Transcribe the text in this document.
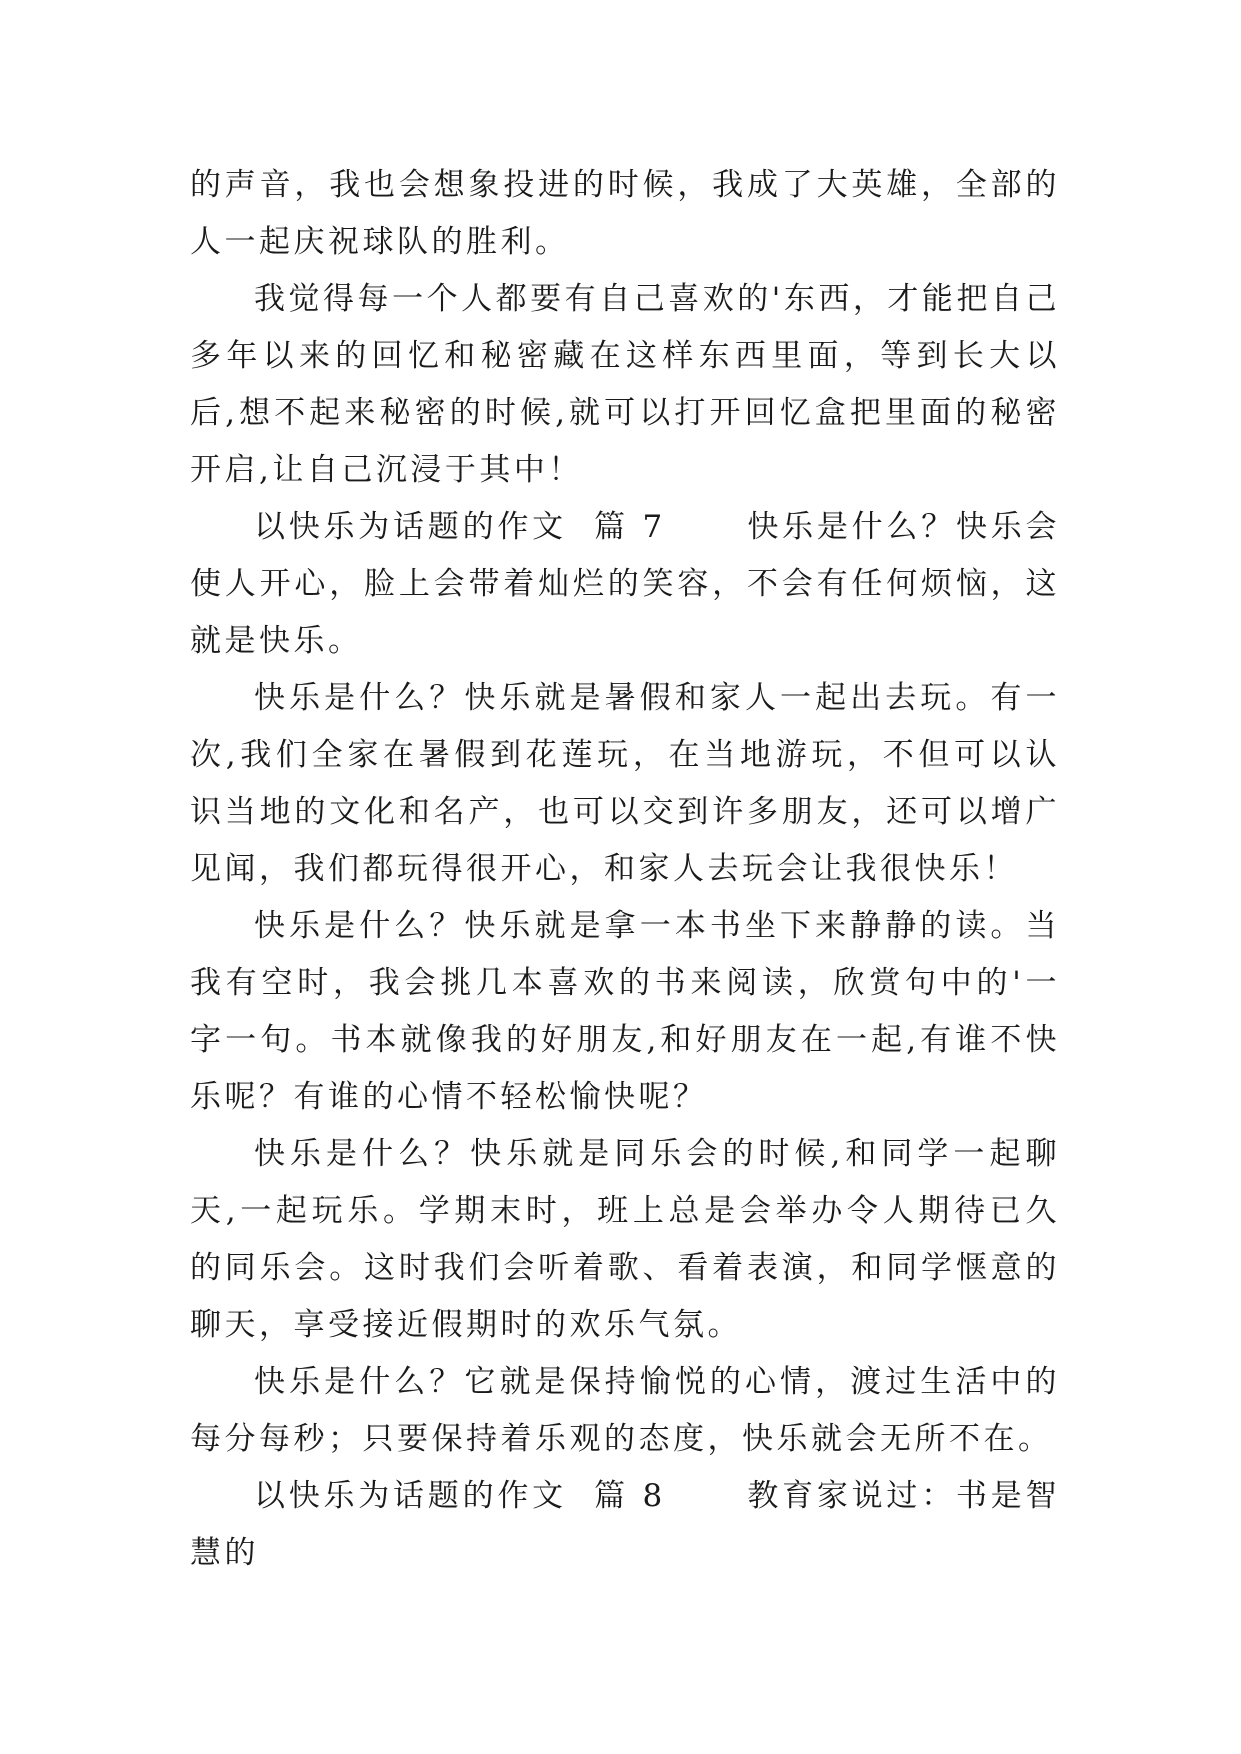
的声音，我也会想象投进的时候，我成了大英雄，全部的人一起庆祝球队的胜利。

我觉得每一个人都要有自己喜欢的'东西，才能把自己多年以来的回忆和秘密藏在这样东西里面，等到长大以后,想不起来秘密的时候,就可以打开回忆盒把里面的秘密开启,让自己沉浸于其中！

以快乐为话题的作文  篇 7      快乐是什么？快乐会使人开心，脸上会带着灿烂的笑容，不会有任何烦恼，这就是快乐。

快乐是什么？快乐就是暑假和家人一起出去玩。有一次,我们全家在暑假到花莲玩，在当地游玩，不但可以认识当地的文化和名产，也可以交到许多朋友，还可以增广见闻，我们都玩得很开心，和家人去玩会让我很快乐！

快乐是什么？快乐就是拿一本书坐下来静静的读。当我有空时，我会挑几本喜欢的书来阅读，欣赏句中的'一字一句。书本就像我的好朋友,和好朋友在一起,有谁不快乐呢？有谁的心情不轻松愉快呢？

快乐是什么？快乐就是同乐会的时候,和同学一起聊天,一起玩乐。学期末时，班上总是会举办令人期待已久的同乐会。这时我们会听着歌、看着表演，和同学惬意的聊天，享受接近假期时的欢乐气氛。

快乐是什么？它就是保持愉悦的心情，渡过生活中的每分每秒；只要保持着乐观的态度，快乐就会无所不在。

以快乐为话题的作文  篇 8      教育家说过：书是智慧的
